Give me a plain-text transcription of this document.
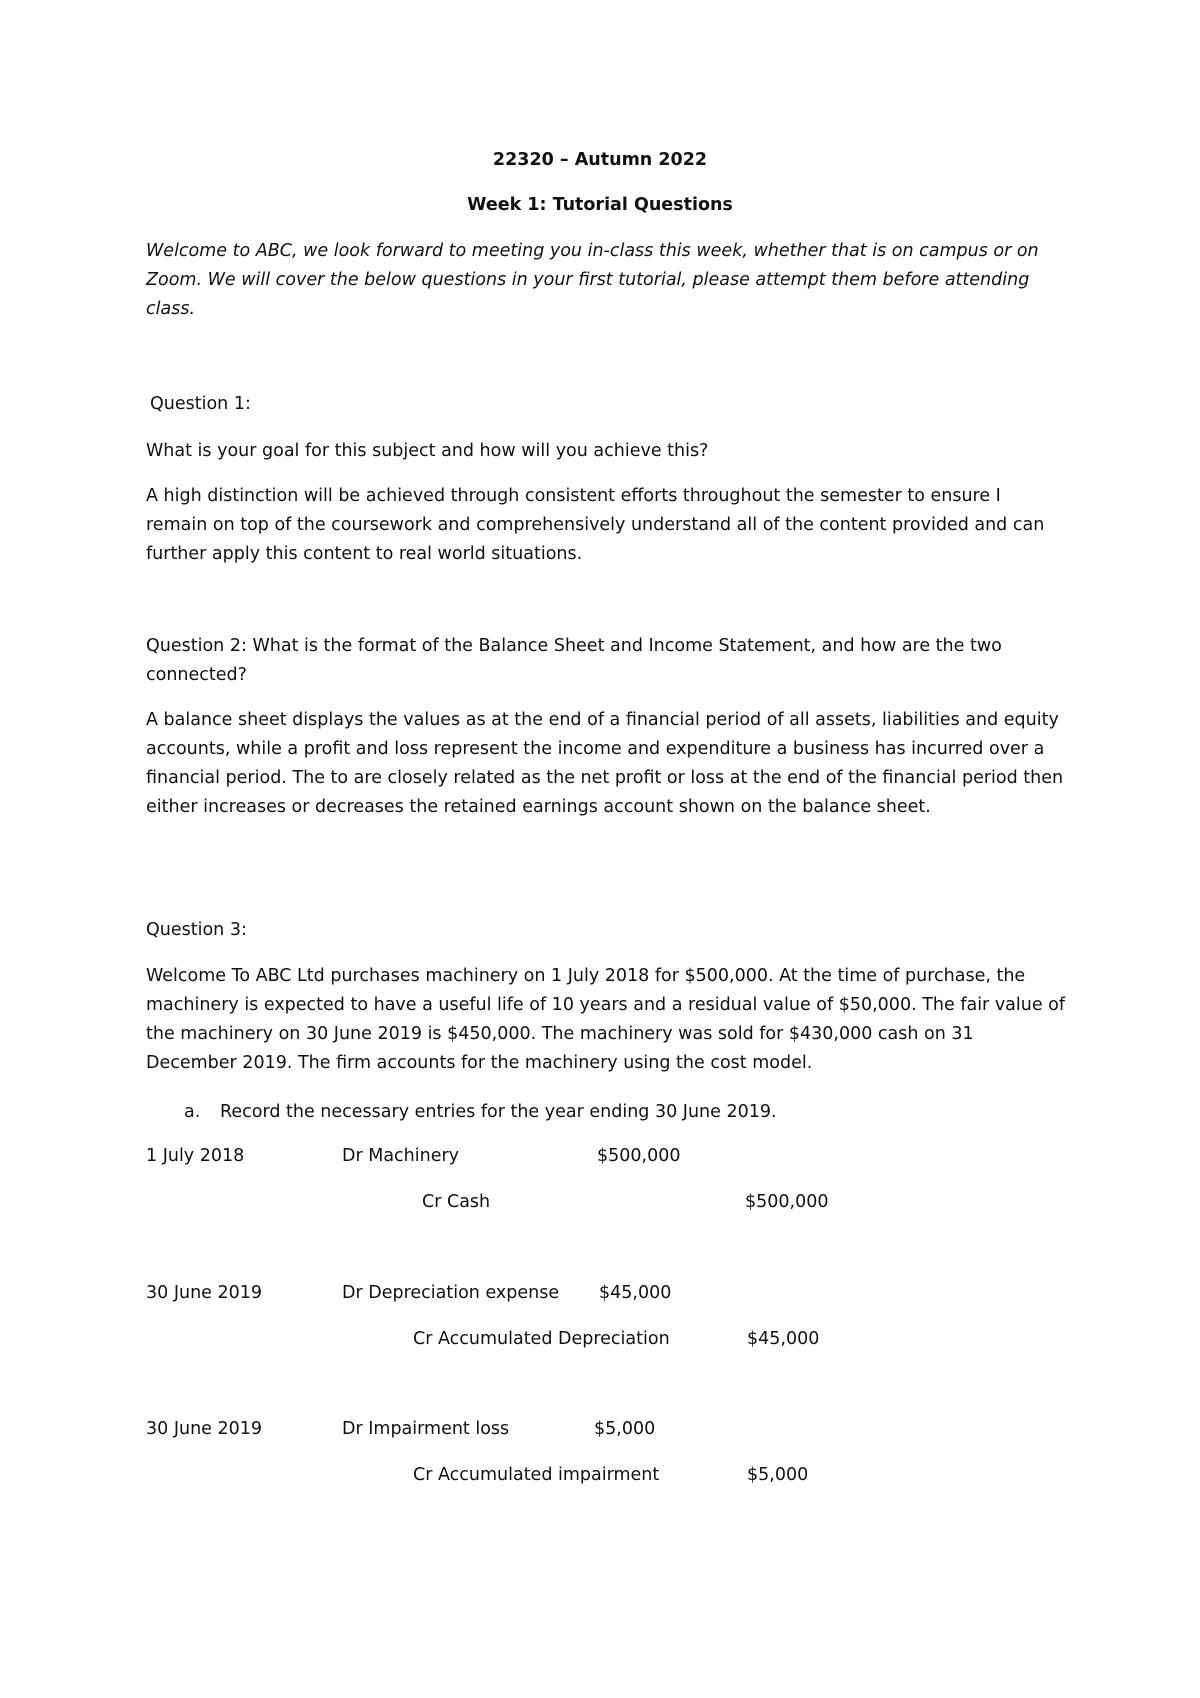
22320 – Autumn 2022
Week 1: Tutorial Questions
Welcome to ABC, we look forward to meeting you in-class this week, whether that is on campus or on Zoom. We will cover the below questions in your first tutorial, please attempt them before attending class.
Question 1:
What is your goal for this subject and how will you achieve this?
A high distinction will be achieved through consistent efforts throughout the semester to ensure I remain on top of the coursework and comprehensively understand all of the content provided and can further apply this content to real world situations.
Question 2: What is the format of the Balance Sheet and Income Statement, and how are the two connected?
A balance sheet displays the values as at the end of a financial period of all assets, liabilities and equity accounts, while a profit and loss represent the income and expenditure a business has incurred over a financial period. The to are closely related as the net profit or loss at the end of the financial period then either increases or decreases the retained earnings account shown on the balance sheet.
Question 3:
Welcome To ABC Ltd purchases machinery on 1 July 2018 for $500,000. At the time of purchase, the machinery is expected to have a useful life of 10 years and a residual value of $50,000. The fair value of the machinery on 30 June 2019 is $450,000. The machinery was sold for $430,000 cash on 31 December 2019. The firm accounts for the machinery using the cost model.
a. Record the necessary entries for the year ending 30 June 2019.
1 July 2018	Dr Machinery	$500,000
Cr Cash	$500,000
30 June 2019	Dr Depreciation expense $45,000
Cr Accumulated Depreciation	$45,000
30 June 2019	Dr Impairment loss	$5,000
Cr Accumulated impairment	$5,000
